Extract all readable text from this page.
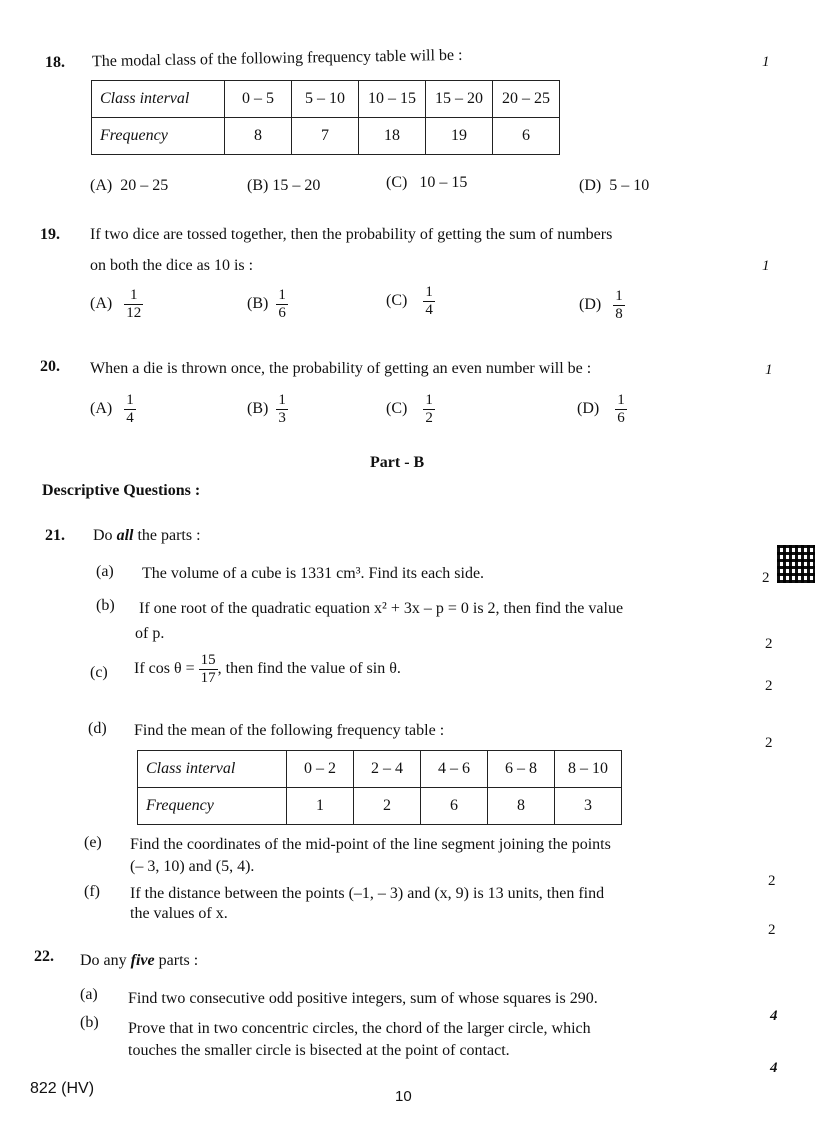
18. The modal class of the following frequency table will be :	1
Class interval	0 – 5	5 – 10	10 – 15	15 – 20	20 – 25
Frequency	8	7	18	19	6
(A) 20 – 25	(B) 15 – 20	(C) 10 – 15	(D) 5 – 10
19. If two dice are tossed together, then the probability of getting the sum of numbers
on both the dice as 10 is :	1
$(A) \frac{1}{12}$	$(B) \frac{1}{6}$	$(C) \frac{1}{4}$	$(D) \frac{1}{8}$
20. When a die is thrown once, the probability of getting an even number will be :	1
$(A) \frac{1}{4}$	$(B) \frac{1}{3}$	$(C) \frac{1}{2}$	$(D) \frac{1}{6}$
Part - B
Descriptive Questions :
21. Do all the parts :
(a) The volume of a cube is 1331 cm³. Find its each side.	2
(b) If one root of the quadratic equation x² + 3x – p = 0 is 2, then find the value
of p.
2
(c) If $\cos \theta = \frac{15}{17}$ , then find the value of sin θ.
2
(d) Find the mean of the following frequency table :
2
Class interval	0 – 2	2 – 4	4 – 6	6 – 8	8 – 10
Frequency	1	2	6	8	3
(e) Find the coordinates of the mid-point of the line segment joining the points
(– 3, 10) and (5, 4).
2
(f) If the distance between the points (–1, – 3) and (x, 9) is 13 units, then find
the values of x.
2
22. Do any five parts :
(a) Find two consecutive odd positive integers, sum of whose squares is 290.
4
(b) Prove that in two concentric circles, the chord of the larger circle, which
touches the smaller circle is bisected at the point of contact.
4
822 (HV)	10
